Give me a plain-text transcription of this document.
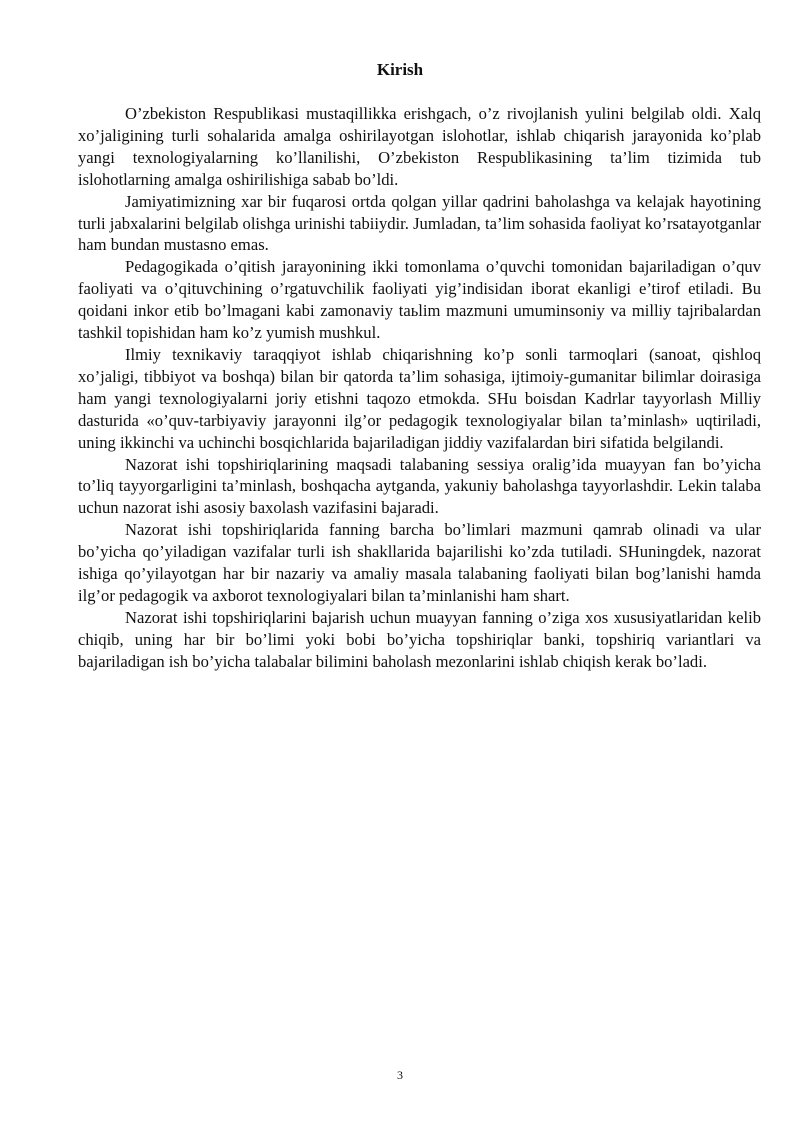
Kirish

O’zbekiston Respublikasi mustaqillikka erishgach, o’z rivojlanish yulini belgilab oldi. Xalq xo’jaligining turli sohalarida amalga oshirilayotgan islohotlar, ishlab chiqarish jarayonida ko’plab yangi texnologiyalarning ko’llanilishi, O’zbekiston Respublikasining ta’lim tizimida tub islohotlarning amalga oshirilishiga sabab bo’ldi.

Jamiyatimizning xar bir fuqarosi ortda qolgan yillar qadrini baholashga va kelajak hayotining turli jabxalarini belgilab olishga urinishi tabiiydir. Jumladan, ta’lim sohasida faoliyat ko’rsatayotganlar ham bundan mustasno emas.

Pedagogikada o’qitish jarayonining ikki tomonlama o’quvchi tomonidan bajariladigan o’quv faoliyati va o’qituvchining o’rgatuvchilik faoliyati yig’indisidan iborat ekanligi e’tirof etiladi. Bu qoidani inkor etib bo’lmagani kabi zamonaviy taьlim mazmuni umuminsoniy va milliy tajribalardan tashkil topishidan ham ko’z yumish mushkul.

Ilmiy texnikaviy taraqqiyot ishlab chiqarishning ko’p sonli tarmoqlari (sanoat, qishloq xo’jaligi, tibbiyot va boshqa) bilan bir qatorda ta’lim sohasiga, ijtimoiy-gumanitar bilimlar doirasiga ham yangi texnologiyalarni joriy etishni taqozo etmokda. SHu boisdan Kadrlar tayyorlash Milliy dasturida «o’quv-tarbiyaviy jarayonni ilg’or pedagogik texnologiyalar bilan ta’minlash» uqtiriladi, uning ikkinchi va uchinchi bosqichlarida bajariladigan jiddiy vazifalardan biri sifatida belgilandi.

Nazorat ishi topshiriqlarining maqsadi talabaning sessiya oralig’ida muayyan fan bo’yicha to’liq tayyorgarligini ta’minlash, boshqacha aytganda, yakuniy baholashga tayyorlashdir. Lekin talaba uchun nazorat ishi asosiy baxolash vazifasini bajaradi.

Nazorat ishi topshiriqlarida fanning barcha bo’limlari mazmuni qamrab olinadi va ular bo’yicha qo’yiladigan vazifalar turli ish shakllarida bajarilishi ko’zda tutiladi. SHuningdek, nazorat ishiga qo’yilayotgan har bir nazariy va amaliy masala talabaning faoliyati bilan bog’lanishi hamda ilg’or pedagogik va axborot texnologiyalari bilan ta’minlanishi ham shart.

Nazorat ishi topshiriqlarini bajarish uchun muayyan fanning o’ziga xos xususiyatlaridan kelib chiqib, uning har bir bo’limi yoki bobi bo’yicha topshiriqlar banki, topshiriq variantlari va bajariladigan ish bo’yicha talabalar bilimini baholash mezonlarini ishlab chiqish kerak bo’ladi.

3
